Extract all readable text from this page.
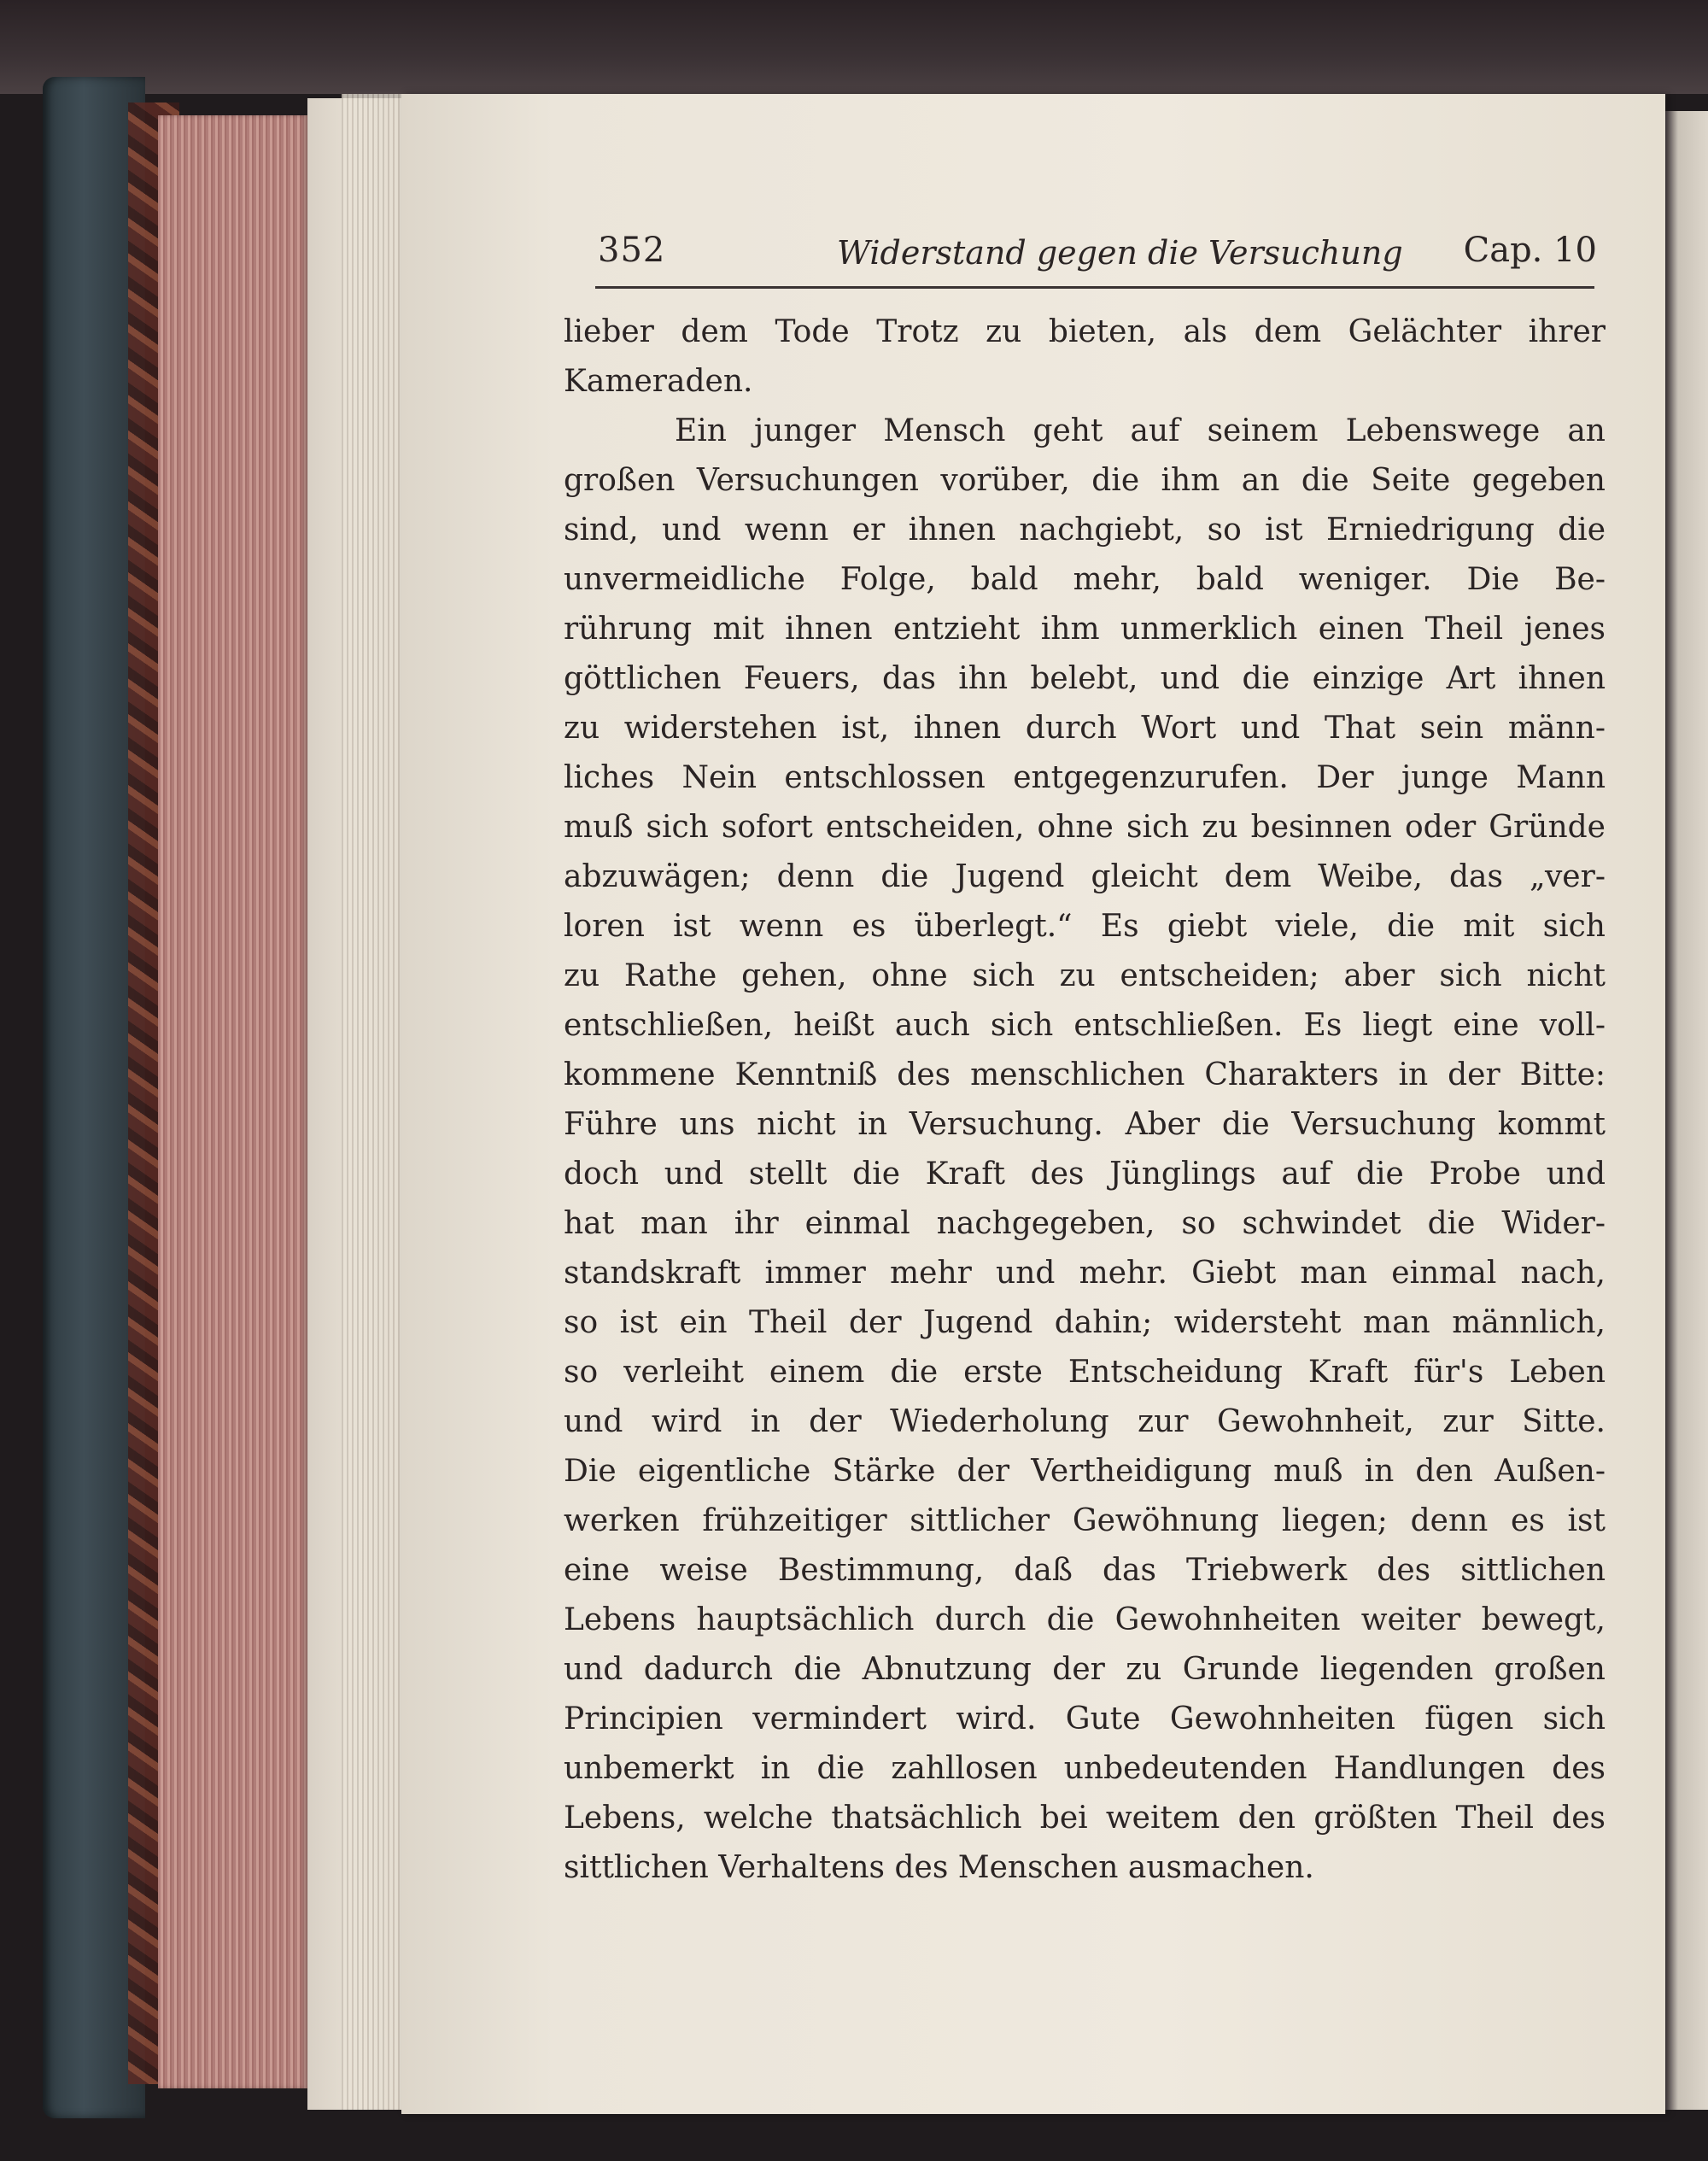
352	Widerstand gegen die Versuchung Cap. 10
lieber dem Tode Trotz zu bieten, als dem Gelächter ihrer
Kameraden.
Ein junger Mensch geht auf seinem Lebenswege an
großen Versuchungen vorüber, die ihm an die Seite gegeben
sind, und wenn er ihnen nachgiebt, so ist Erniedrigung die
unvermeidliche Folge, bald mehr, bald weniger. Die Be-
rührung mit ihnen entzieht ihm unmerklich einen Theil jenes
göttlichen Feuers, das ihn belebt, und die einzige Art ihnen
zu widerstehen ist, ihnen durch Wort und That sein männ-
liches Nein entschlossen entgegenzurufen. Der junge Mann
muß sich sofort entscheiden, ohne sich zu besinnen oder Gründe
abzuwägen; denn die Jugend gleicht dem Weibe, das „ver-
loren ist wenn es überlegt.“ Es giebt viele, die mit sich
zu Rathe gehen, ohne sich zu entscheiden; aber sich nicht
entschließen, heißt auch sich entschließen. Es liegt eine voll-
kommene Kenntniß des menschlichen Charakters in der Bitte:
Führe uns nicht in Versuchung. Aber die Versuchung kommt
doch und stellt die Kraft des Jünglings auf die Probe und
hat man ihr einmal nachgegeben, so schwindet die Wider-
standskraft immer mehr und mehr. Giebt man einmal nach,
so ist ein Theil der Jugend dahin; widersteht man männlich,
so verleiht einem die erste Entscheidung Kraft für's Leben
und wird in der Wiederholung zur Gewohnheit, zur Sitte.
Die eigentliche Stärke der Vertheidigung muß in den Außen-
werken frühzeitiger sittlicher Gewöhnung liegen; denn es ist
eine weise Bestimmung, daß das Triebwerk des sittlichen
Lebens hauptsächlich durch die Gewohnheiten weiter bewegt,
und dadurch die Abnutzung der zu Grunde liegenden großen
Principien vermindert wird. Gute Gewohnheiten fügen sich
unbemerkt in die zahllosen unbedeutenden Handlungen des
Lebens, welche thatsächlich bei weitem den größten Theil des
sittlichen Verhaltens des Menschen ausmachen.
